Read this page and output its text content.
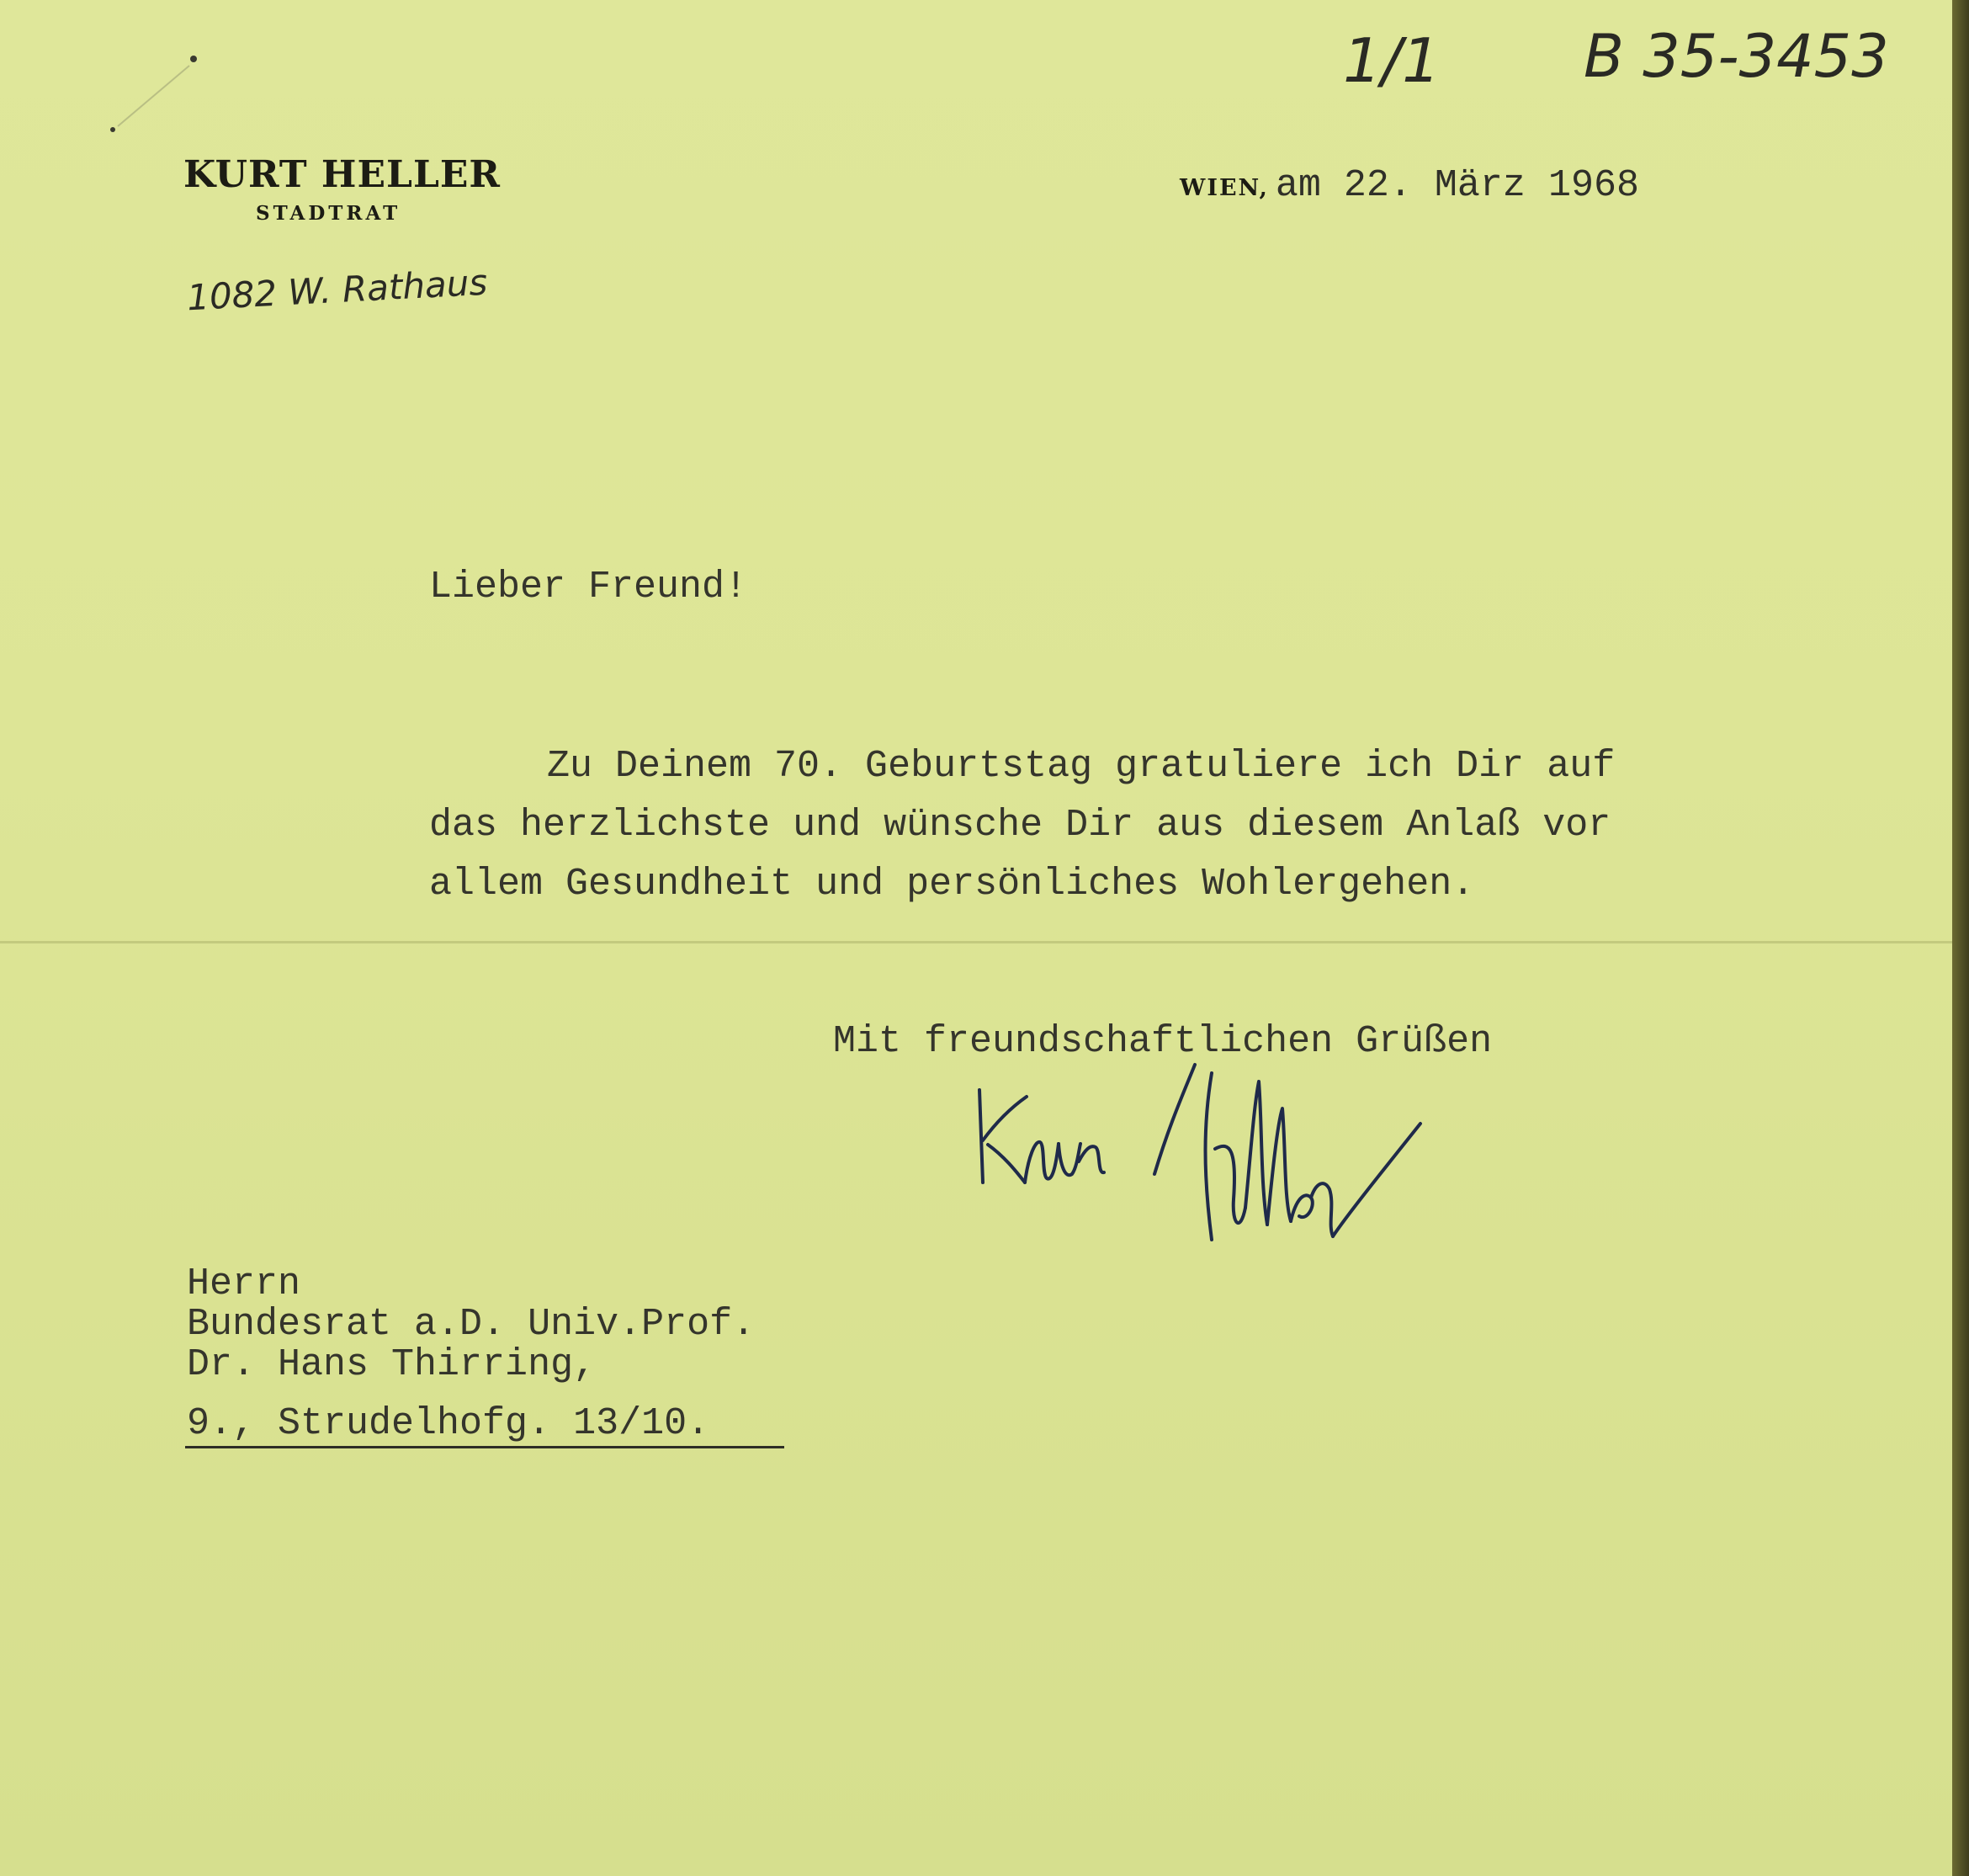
KURT HELLER
STADTRAT
1082 W. Rathaus
1/1 B 35-3453
WIEN, am 22. März 1968
Lieber Freund!
Zu Deinem 70. Geburtstag gratuliere ich Dir auf
das herzlichste und wünsche Dir aus diesem Anlaß vor
allem Gesundheit und persönliches Wohlergehen.
Mit freundschaftlichen Grüßen
Herrn
Bundesrat a.D. Univ.Prof.
Dr. Hans Thirring,
9., Strudelhofg. 13/10.
